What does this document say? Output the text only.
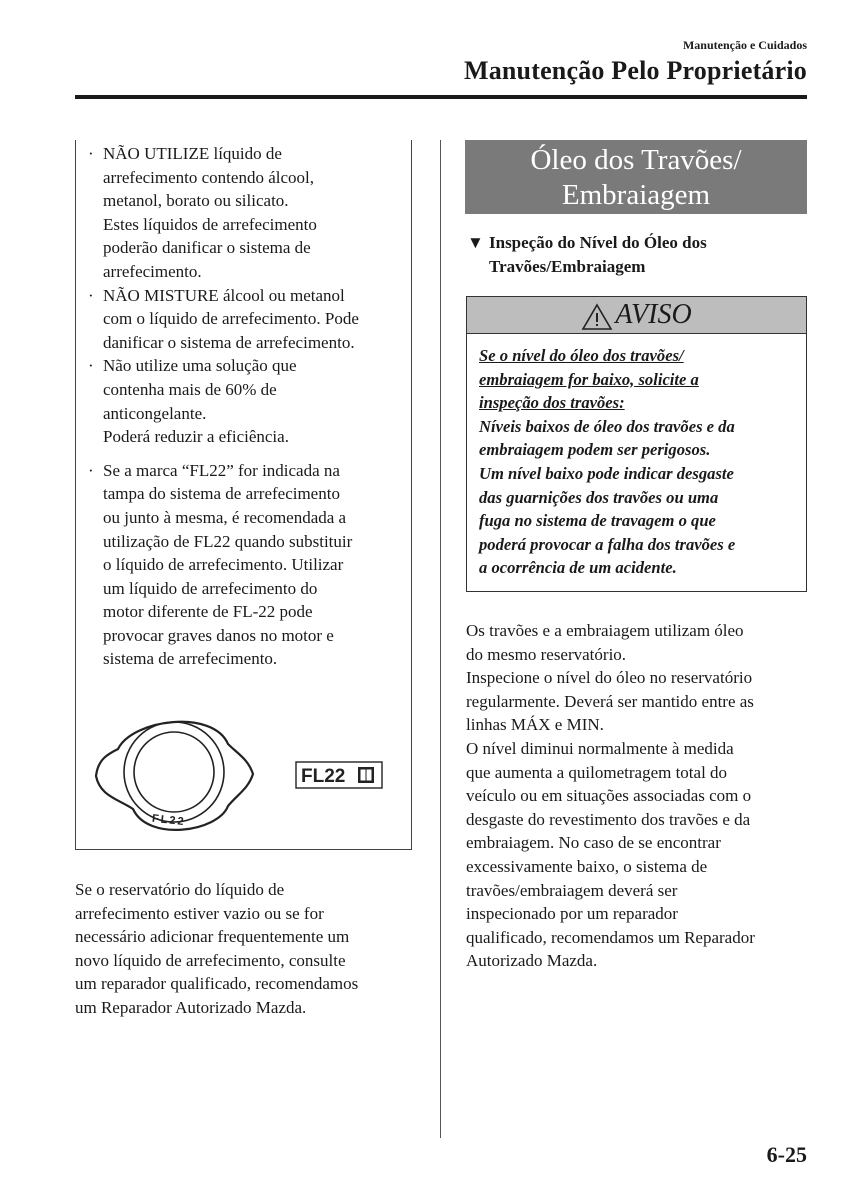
Manutenção e Cuidados
Manutenção Pelo Proprietário
· NÃO UTILIZE líquido de
arrefecimento contendo álcool,
metanol, borato ou silicato.
Estes líquidos de arrefecimento
poderão danificar o sistema de
arrefecimento.
· NÃO MISTURE álcool ou metanol
com o líquido de arrefecimento. Pode
danificar o sistema de arrefecimento.
· Não utilize uma solução que
contenha mais de 60% de
anticongelante.
Poderá reduzir a eficiência.
· Se a marca “FL22” for indicada na
tampa do sistema de arrefecimento
ou junto à mesma, é recomendada a
utilização de FL22 quando substituir
o líquido de arrefecimento. Utilizar
um líquido de arrefecimento do
motor diferente de FL-22 pode
provocar graves danos no motor e
sistema de arrefecimento.
FL22
FL22
Se o reservatório do líquido de
arrefecimento estiver vazio ou se for
necessário adicionar frequentemente um
novo líquido de arrefecimento, consulte
um reparador qualificado, recomendamos
um Reparador Autorizado Mazda.
Óleo dos Travões/
Embraiagem
▼ Inspeção do Nível do Óleo dos
Travões/Embraiagem
AVISO
Se o nível do óleo dos travões/
embraiagem for baixo, solicite a
inspeção dos travões:
Níveis baixos de óleo dos travões e da
embraiagem podem ser perigosos.
Um nível baixo pode indicar desgaste
das guarnições dos travões ou uma
fuga no sistema de travagem o que
poderá provocar a falha dos travões e
a ocorrência de um acidente.
Os travões e a embraiagem utilizam óleo
do mesmo reservatório.
Inspecione o nível do óleo no reservatório
regularmente. Deverá ser mantido entre as
linhas MÁX e MIN.
O nível diminui normalmente à medida
que aumenta a quilometragem total do
veículo ou em situações associadas com o
desgaste do revestimento dos travões e da
embraiagem. No caso de se encontrar
excessivamente baixo, o sistema de
travões/embraiagem deverá ser
inspecionado por um reparador
qualificado, recomendamos um Reparador
Autorizado Mazda.
6-25
